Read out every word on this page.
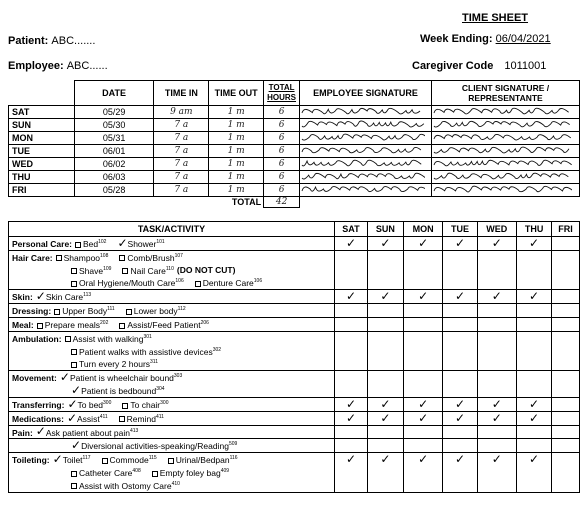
TIME SHEET
Patient: ABC.......	Week Ending: 06/04/2021
Employee: ABC......	Caregiver Code 1011001
	DATE	TIME IN	TIME OUT	TOTAL HOURS	EMPLOYEE SIGNATURE	CLIENT SIGNATURE / REPRESENTANTE
SAT	05/29	9 am	1 m	6		
SUN	05/30	7 a	1 m	6		
MON	05/31	7 a	1 m	6		
TUE	06/01	7 a	1 m	6		
WED	06/02	7 a	1 m	6		
THU	06/03	7 a	1 m	6		
FRI	05/28	7 a	1 m	6		
			TOTAL	42		
TASK/ACTIVITY	SAT	SUN	MON	TUE	WED	THU	FRI

Personal Care: Bed$^{102}$ ✓Shower$^{101}$	✓	✓	✓	✓	✓	✓	

Hair Care: Shampoo$^{108}$ Comb/Brush$^{107}$
Shave$^{109}$ Nail Care$^{110}$ (DO NOT CUT)
Oral Hygiene/Mouth Care$^{106}$ Denture Care$^{106}$

Skin: ✓Skin Care$^{113}$	✓	✓	✓	✓	✓	✓	

Dressing: Upper Body$^{111}$ Lower body$^{112}$

Meal: Prepare meals$^{202}$ Assist/Feed Patient$^{206}$

Ambulation: Assist with walking$^{301}$
Patient walks with assistive devices$^{302}$
Turn every 2 hours$^{311}$

Movement: ✓Patient is wheelchair bound$^{303}$
✓Patient is bedbound$^{304}$

Transferring: ✓To bed$^{300}$ To chair$^{300}$	✓	✓	✓	✓	✓	✓	

Medications: ✓Assist$^{411}$ Remind$^{411}$	✓	✓	✓	✓	✓	✓	

Pain: ✓Ask patient about pain$^{413}$

✓Diversional activities-speaking/Reading$^{509}$

Toileting: ✓Toilet$^{117}$ Commode$^{115}$ Urinal/Bedpan$^{116}$
Catheter Care$^{408}$ Empty foley bag$^{409}$
Assist with Ostomy Care$^{410}$	✓	✓	✓	✓	✓	✓	
